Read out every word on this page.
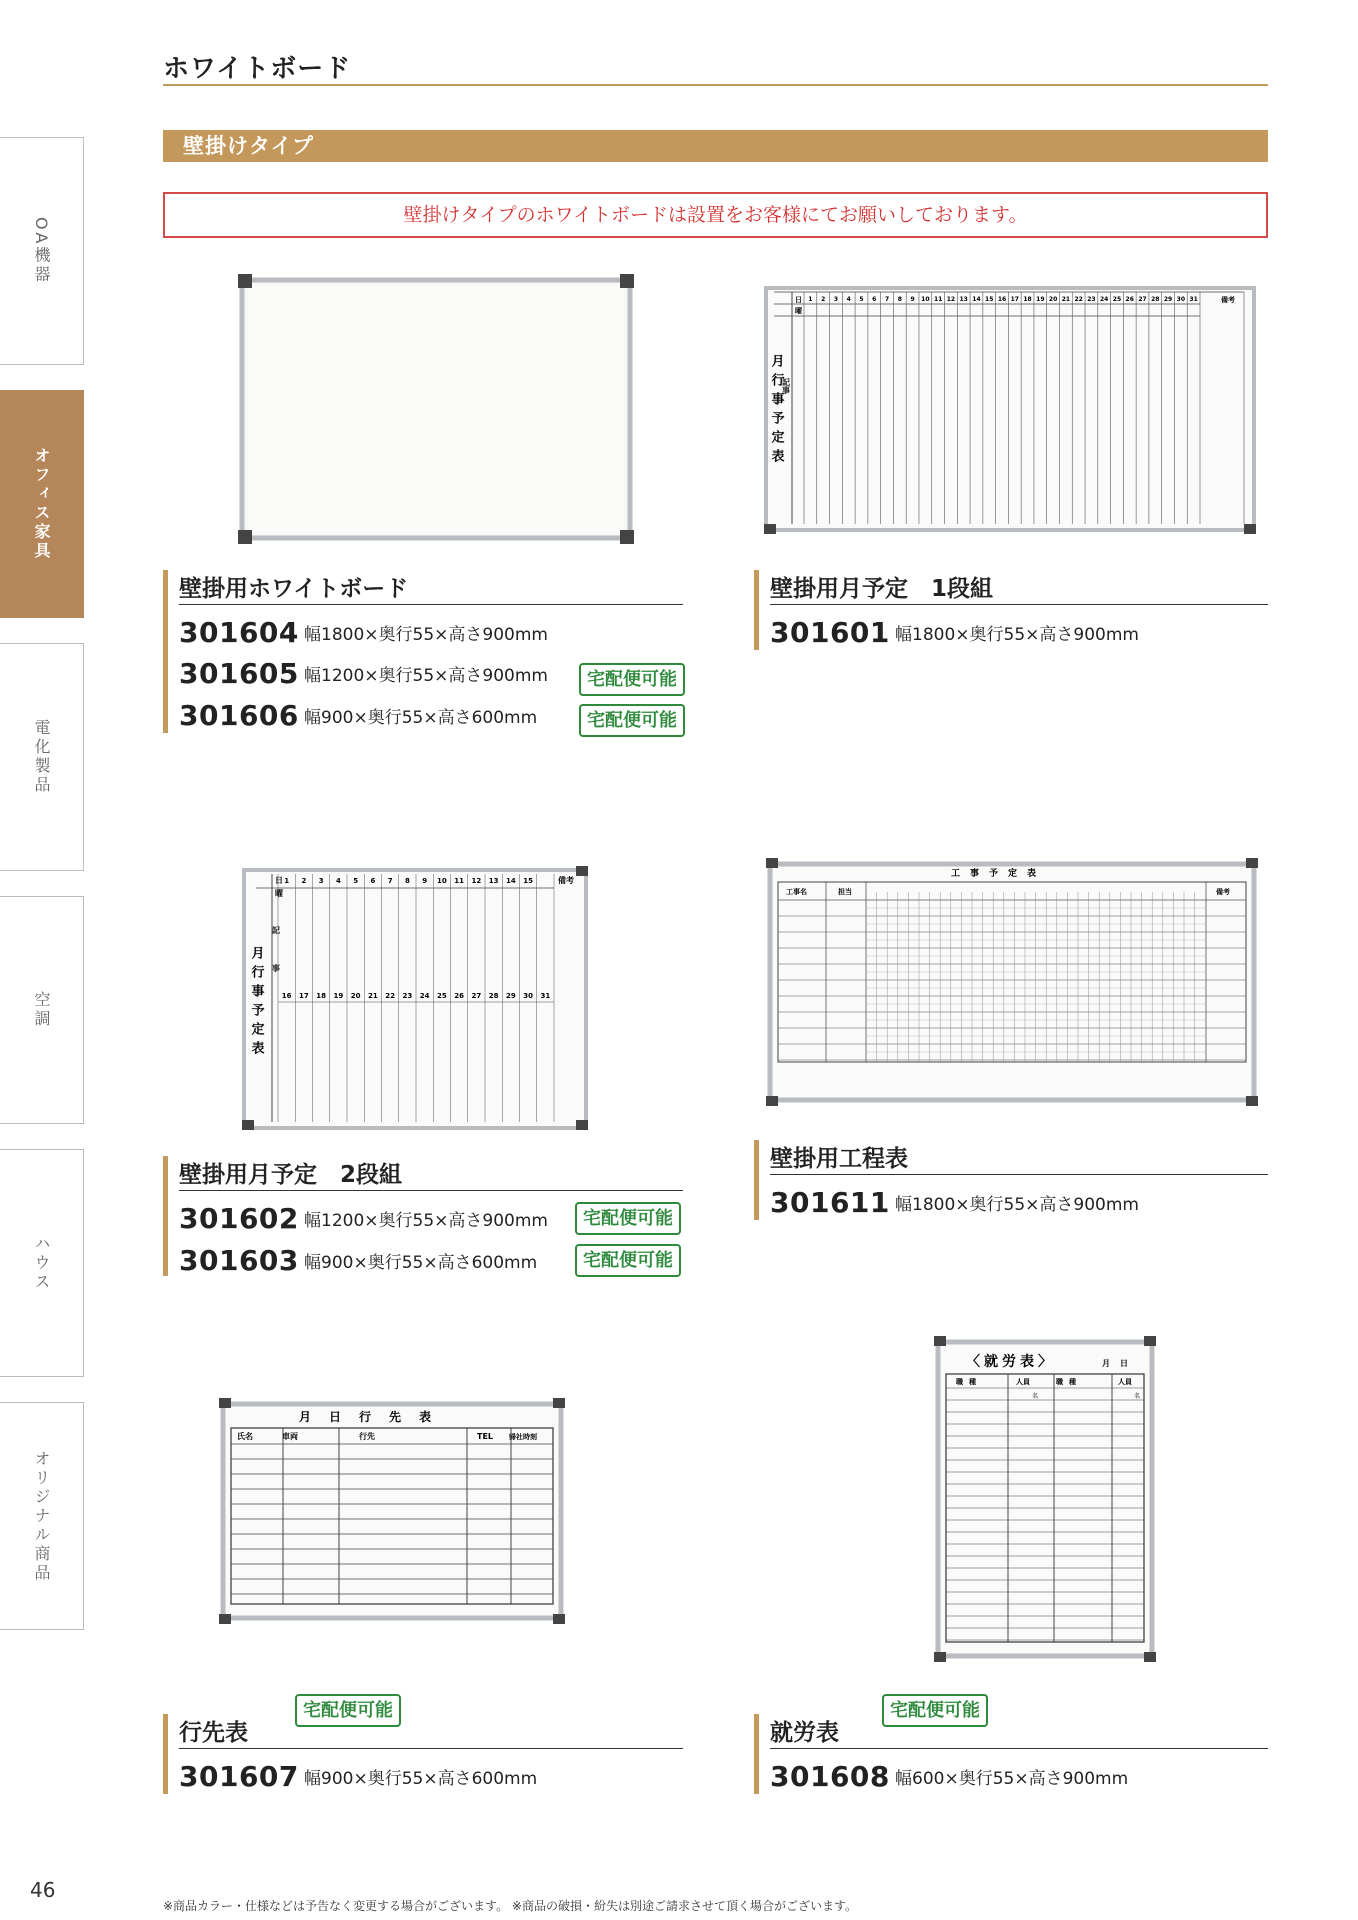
ホワイトボード
壁掛けタイプ
壁掛けタイプのホワイトボードは設置をお客様にてお願いしております。
OA機器
オフィス家具
電化製品
空調
ハウス
オリジナル商品
日
曜
記事
備考
月行事予定表
1 2 3 4 5 6 7 8 9 10 11 12 13 14 15 16 17 18 19 20 21 22 23 24 25 26 27 28 29 30 31
日
曜
記事
備考
月行事予定表
1 2 3 4 5 6 7 8 9 10 11 12 13 14 15
16 17 18 19 20 21 22 23 24 25 26 27 28 29 30 31
工事予定表
工事名	担当	備考
月日行先表
氏名	車両	行先	TEL 帰社時刻
〈就労表〉	月日
職種	人員	職種	人員
名	名
壁掛用ホワイトボード
301604 幅1800×奥行55×高さ900mm
301605 幅1200×奥行55×高さ900mm
301606 幅900×奥行55×高さ600mm
宅配便可能
宅配便可能
壁掛用月予定　1段組
301601 幅1800×奥行55×高さ900mm
壁掛用月予定　2段組
301602 幅1200×奥行55×高さ900mm
301603 幅900×奥行55×高さ600mm
宅配便可能
宅配便可能
壁掛用工程表
301611 幅1800×奥行55×高さ900mm
行先表
301607 幅900×奥行55×高さ600mm
宅配便可能
就労表
301608 幅600×奥行55×高さ900mm
宅配便可能
46
※商品カラー・仕様などは予告なく変更する場合がございます。 ※商品の破損・紛失は別途ご請求させて頂く場合がございます。
